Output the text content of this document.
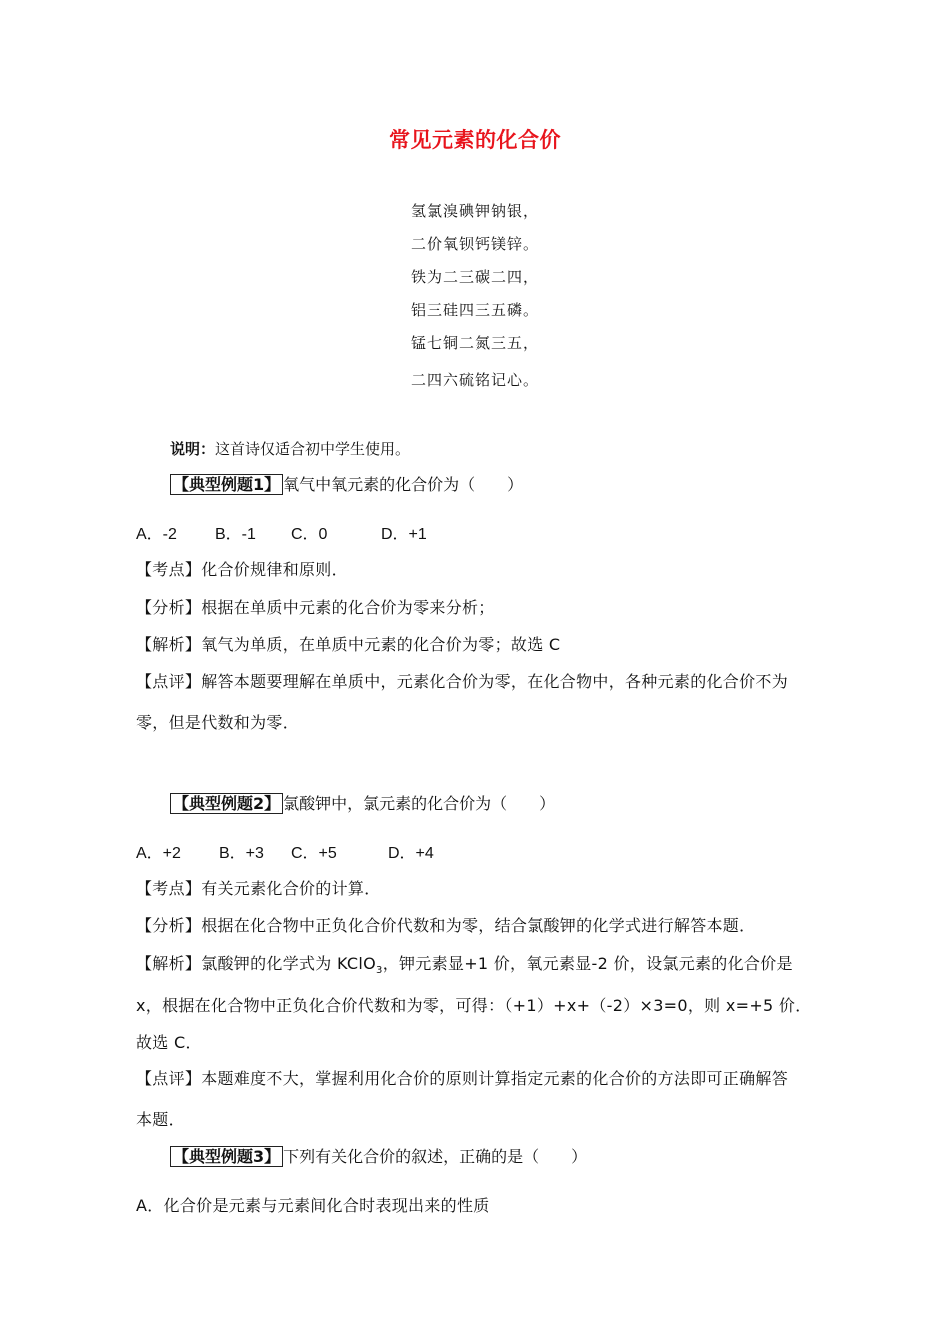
常见元素的化合价
氢氯溴碘钾钠银，
二价氧钡钙镁锌。
铁为二三碳二四，
铝三硅四三五磷。
锰七铜二氮三五，
二四六硫铭记心。
说明：这首诗仅适合初中学生使用。
【典型例题1】 氧气中氧元素的化合价为（　　）
A．-2 B．-1 C．0	D．+1
【考点】化合价规律和原则．
【分析】根据在单质中元素的化合价为零来分析；
【解析】氧气为单质，在单质中元素的化合价为零；故选 C
【点评】解答本题要理解在单质中，元素化合价为零，在化合物中，各种元素的化合价不为
零，但是代数和为零．
【典型例题2】 氯酸钾中，氯元素的化合价为（　　）
A．+2 B．+3 C．+5	D．+4
【考点】有关元素化合价的计算．
【分析】根据在化合物中正负化合价代数和为零，结合氯酸钾的化学式进行解答本题．
【解析】氯酸钾的化学式为 KClO$_3$，钾元素显+1 价，氧元素显-2 价，设氯元素的化合价是
x，根据在化合物中正负化合价代数和为零，可得：（+1）+x+（-2）×3=0，则 x=+5 价．
故选 C．
【点评】本题难度不大，掌握利用化合价的原则计算指定元素的化合价的方法即可正确解答
本题．
【典型例题3】 下列有关化合价的叙述，正确的是（　　）
A．化合价是元素与元素间化合时表现出来的性质
